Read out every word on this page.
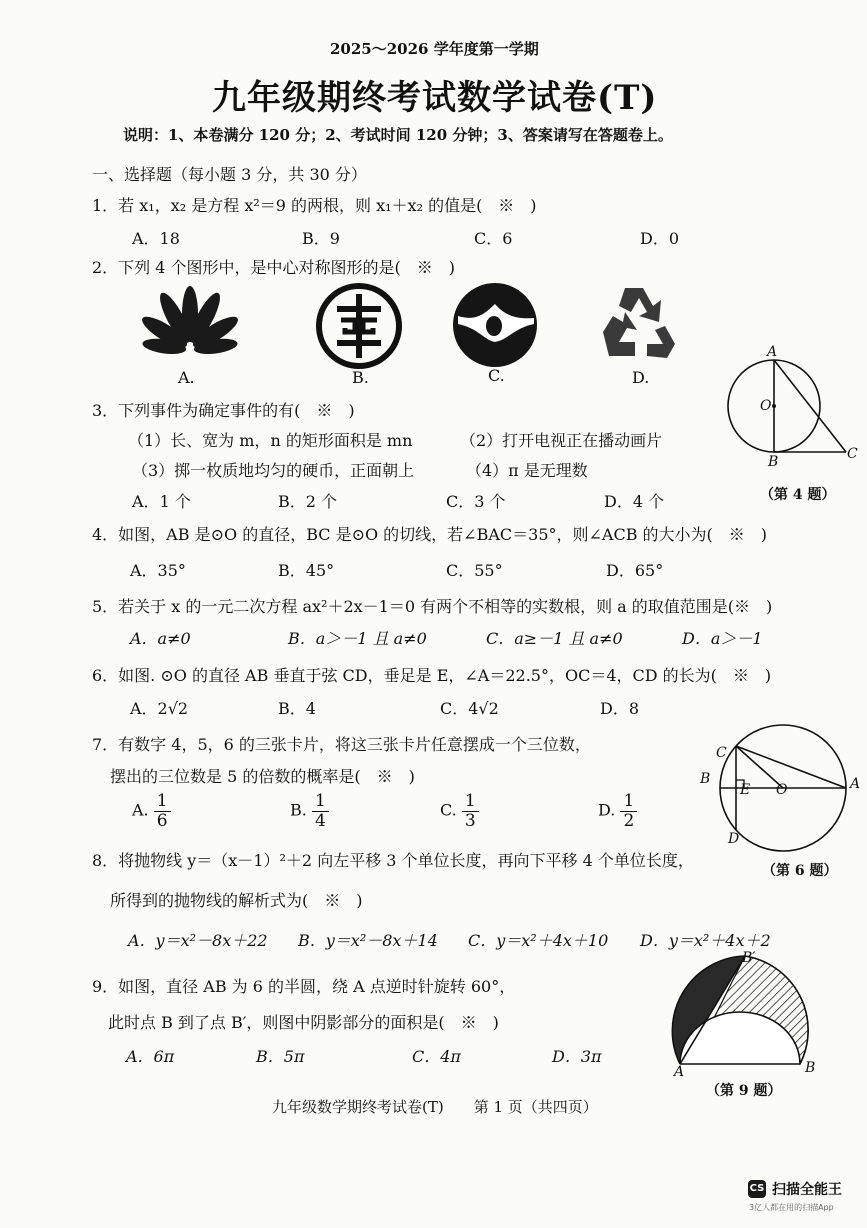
2025～2026 学年度第一学期
九年级期终考试数学试卷(T)
说明：1、本卷满分 120 分；2、考试时间 120 分钟；3、答案请写在答题卷上。
一、选择题（每小题 3 分，共 30 分）
1．若 x₁，x₂ 是方程 x²＝9 的两根，则 x₁＋x₂ 的值是(　※　)
A．18	B．9	C．6	D．0
2．下列 4 个图形中，是中心对称图形的是(　※　)
A.	B.	C.	D.
3．下列事件为确定事件的有(　※　)
（1）长、宽为 m，n 的矩形面积是 mn	（2）打开电视正在播动画片
（3）掷一枚质地均匀的硬币，正面朝上	（4）π 是无理数
A．1 个	B．2 个	C．3 个	D．4 个
A
O
B	C
（第 4 题）
4．如图，AB 是⊙O 的直径，BC 是⊙O 的切线，若∠BAC＝35°，则∠ACB 的大小为(　※　)
A．35°	B．45°	C．55°	D．65°
5．若关于 x 的一元二次方程 ax²＋2x－1＝0 有两个不相等的实数根，则 a 的取值范围是(※　)
A．a≠0	B．a＞－1 且 a≠0	C．a≥－1 且 a≠0	D．a＞－1
6．如图. ⊙O 的直径 AB 垂直于弦 CD，垂足是 E，∠A＝22.5°，OC＝4，CD 的长为(　※　)
A．2√2	B．4	C．4√2	D．8
C
B
E O
D
A
（第 6 题）
7．有数字 4，5，6 的三张卡片，将这三张卡片任意摆成一个三位数，
摆出的三位数是 5 的倍数的概率是(　※　)
A. $\frac{1}{6}$	B. $\frac{1}{4}$	C. $\frac{1}{3}$	D. $\frac{1}{2}$
8．将抛物线 y＝（x－1）²＋2 向左平移 3 个单位长度，再向下平移 4 个单位长度，
所得到的抛物线的解析式为(　※　)
A．y＝x²－8x＋22 B．y＝x²－8x＋14 C．y＝x²＋4x＋10 D．y＝x²＋4x＋2
9．如图，直径 AB 为 6 的半圆，绕 A 点逆时针旋转 60°，
此时点 B 到了点 B′，则图中阴影部分的面积是(　※　)
A．6π	B．5π	C．4π	D．3π
B′
A	B
（第 9 题）
九年级数学期终考试卷(T)　　第 1 页（共四页）
CS 扫描全能王
3亿人都在用的扫描App
